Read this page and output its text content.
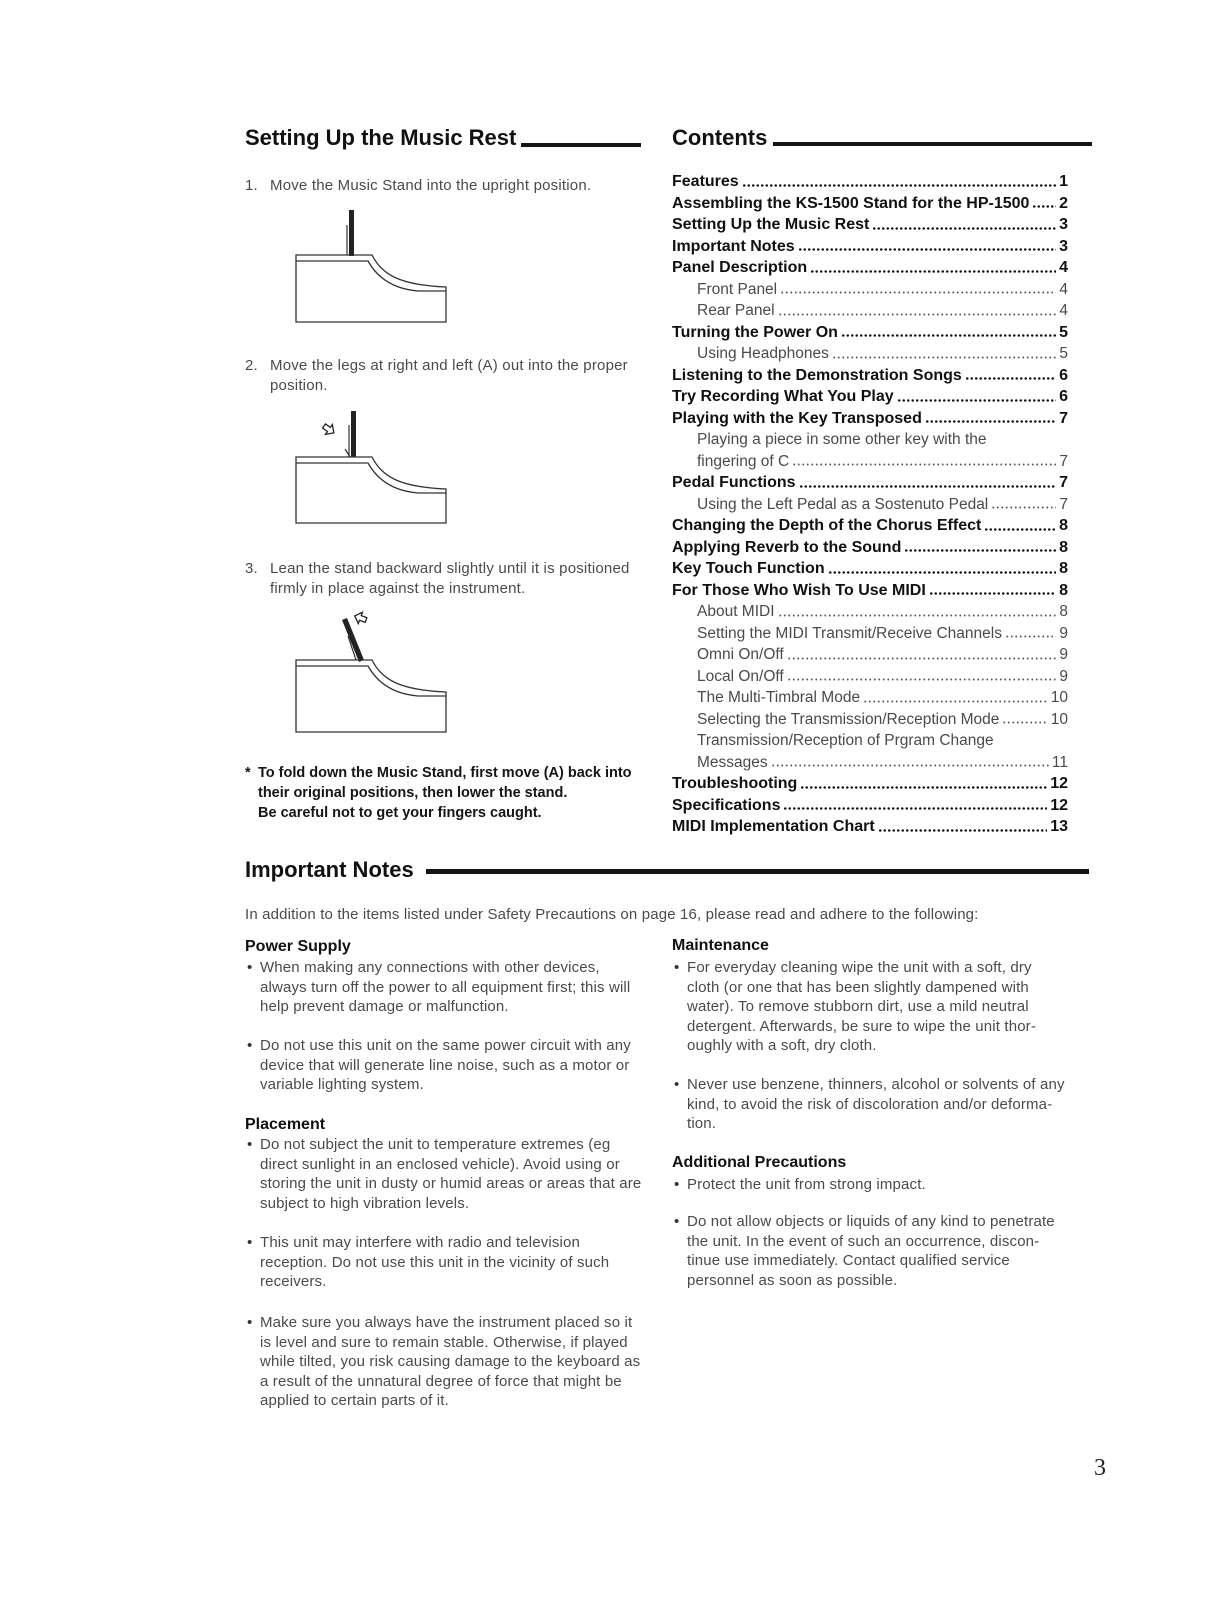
Setting Up the Music Rest
1. Move the Music Stand into the upright position.
2. Move the legs at right and left (A) out into the proper
position.
3. Lean the stand backward slightly until it is positioned
firmly in place against the instrument.
* To fold down the Music Stand, first move (A) back into
their original positions, then lower the stand.
Be careful not to get your fingers caught.
Contents
Features	1
Assembling the KS-1500 Stand for the HP-1500 2
Setting Up the Music Rest	3
Important Notes	3
Panel Description	4
Front Panel	4
Rear Panel	4
Turning the Power On	5
Using Headphones	5
Listening to the Demonstration Songs	6
Try Recording What You Play	6
Playing with the Key Transposed	7
Playing a piece in some other key with the
fingering of C	7
Pedal Functions	7
Using the Left Pedal as a Sostenuto Pedal	7
Changing the Depth of the Chorus Effect	8
Applying Reverb to the Sound	8
Key Touch Function	8
For Those Who Wish To Use MIDI	8
About MIDI	8
Setting the MIDI Transmit/Receive Channels	9
Omni On/Off	9
Local On/Off	9
The Multi-Timbral Mode	10
Selecting the Transmission/Reception Mode	10
Transmission/Reception of Prgram Change
Messages	11
Troubleshooting	12
Specifications	12
MIDI Implementation Chart	13
Important Notes
In addition to the items listed under Safety Precautions on page 16, please read and adhere to the following:
Power Supply
• When making any connections with other devices,
always turn off the power to all equipment first; this will
help prevent damage or malfunction.
• Do not use this unit on the same power circuit with any
device that will generate line noise, such as a motor or
variable lighting system.
Placement
• Do not subject the unit to temperature extremes (eg
direct sunlight in an enclosed vehicle). Avoid using or
storing the unit in dusty or humid areas or areas that are
subject to high vibration levels.
• This unit may interfere with radio and television
reception. Do not use this unit in the vicinity of such
receivers.
• Make sure you always have the instrument placed so it
is level and sure to remain stable. Otherwise, if played
while tilted, you risk causing damage to the keyboard as
a result of the unnatural degree of force that might be
applied to certain parts of it.
Maintenance
• For everyday cleaning wipe the unit with a soft, dry
cloth (or one that has been slightly dampened with
water). To remove stubborn dirt, use a mild neutral
detergent. Afterwards, be sure to wipe the unit thor-
oughly with a soft, dry cloth.
• Never use benzene, thinners, alcohol or solvents of any
kind, to avoid the risk of discoloration and/or deforma-
tion.
Additional Precautions
• Protect the unit from strong impact.
• Do not allow objects or liquids of any kind to penetrate
the unit. In the event of such an occurrence, discon-
tinue use immediately. Contact qualified service
personnel as soon as possible.
3
